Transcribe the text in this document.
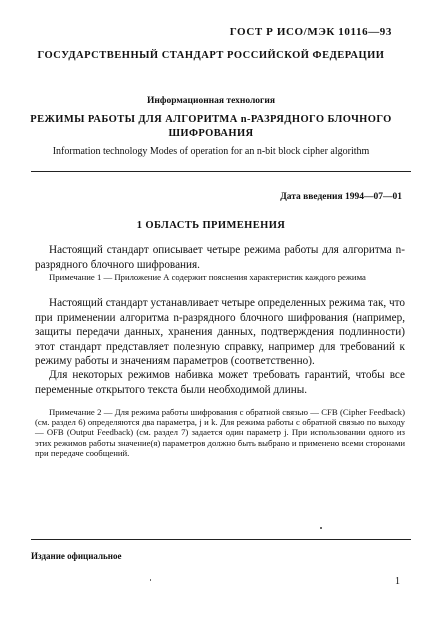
ГОСТ Р ИСО/МЭК 10116—93
ГОСУДАРСТВЕННЫЙ СТАНДАРТ РОССИЙСКОЙ ФЕДЕРАЦИИ
Информационная технология
РЕЖИМЫ РАБОТЫ ДЛЯ АЛГОРИТМА n-РАЗРЯДНОГО БЛОЧНОГО ШИФРОВАНИЯ
Information technology Modes of operation for an n-bit block cipher algorithm
Дата введения 1994—07—01
1 ОБЛАСТЬ ПРИМЕНЕНИЯ
Настоящий стандарт описывает четыре режима работы для алгоритма n-разрядного блочного шифрования.
Примечание 1 — Приложение А содержит пояснения характеристик каждого режима
Настоящий стандарт устанавливает четыре определенных режима так, что при применении алгоритма n-разрядного блочного шифрования (например, защиты передачи данных, хранения данных, подтверждения подлинности) этот стандарт представляет полезную справку, например для требований к режиму работы и значениям параметров (соответственно).
Для некоторых режимов набивка может требовать гарантий, чтобы все переменные открытого текста были необходимой длины.
Примечание 2 — Для режима работы шифрования с обратной связью — CFB (Cipher Feedback) (см. раздел 6) определяются два параметра, j и k. Для режима работы с обратной связью по выходу — OFB (Output Feedback) (см. раздел 7) задается один параметр j. При использовании одного из этих режимов работы значение(я) параметров должно быть выбрано и применено всеми сторонами при передаче сообщений.
Издание официальное
1
